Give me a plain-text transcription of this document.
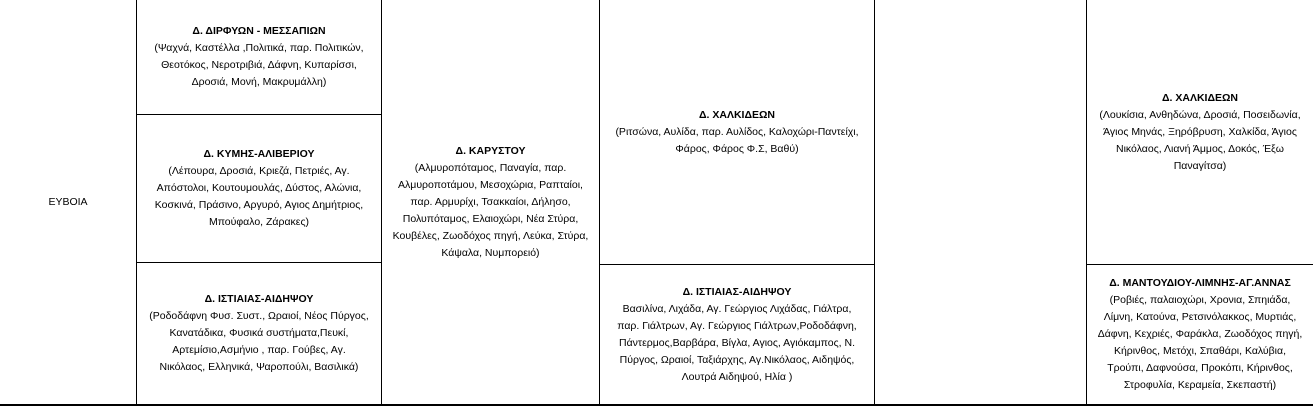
ΕΥΒΟΙΑ
Δ. ΔΙΡΦΥΩΝ - ΜΕΣΣΑΠΙΩΝ
(Ψαχνά, Καστέλλα ,Πολιτικά, παρ. Πολιτικών,
Θεοτόκος, Νεροτριβιά, Δάφνη, Κυπαρίσσι,
Δροσιά, Μονή, Μακρυμάλλη)
Δ. ΚΥΜΗΣ-ΑΛΙΒΕΡΙΟΥ
(Λέπουρα, Δροσιά, Κριεζά, Πετριές, Αγ.
Απόστολοι, Κουτουμουλάς, Δύστος, Αλώνια,
Κοσκινά, Πράσινο, Αργυρό, Αγιος Δημήτριος,
Μπούφαλο, Ζάρακες)
Δ. ΙΣΤΙΑΙΑΣ-ΑΙΔΗΨΟΥ
(Ροδοδάφνη Φυσ. Συστ., Ωραιοί, Νέος Πύργος,
Κανατάδικα, Φυσικά συστήματα,Πευκί,
Αρτεμίσιο,Ασμήνιο , παρ. Γούβες, Αγ.
Νικόλαος, Ελληνικά, Ψαροπούλι, Βασιλικά)
Δ. ΚΑΡΥΣΤΟΥ
(Αλμυροπόταμος, Παναγία, παρ.
Αλμυροποτάμου, Μεσοχώρια, Ραπταίοι,
παρ. Αρμυρίχι, Τσακκαίοι, Δήλησο,
Πολυπόταμος, Ελαιοχώρι, Νέα Στύρα,
Κουβέλες, Ζωοδόχος πηγή, Λεύκα, Στύρα,
Κάψαλα, Νυμπορειό)
Δ. ΧΑΛΚΙΔΕΩΝ
(Ριτσώνα, Αυλίδα, παρ. Αυλίδος, Καλοχώρι-Παντείχι,
Φάρος, Φάρος Φ.Σ, Βαθύ)
Δ. ΙΣΤΙΑΙΑΣ-ΑΙΔΗΨΟΥ
Βασιλίνα, Λιχάδα, Αγ. Γεώργιος Λιχάδας, Γιάλτρα,
παρ. Γιάλτρων, Αγ. Γεώργιος Γιάλτρων,Ροδοδάφνη,
Πάντερμος,Βαρβάρα, Βίγλα, Αγιος, Αγιόκαμπος, Ν.
Πύργος, Ωραιοί, Ταξιάρχης, Αγ.Νικόλαος, Αιδηψός,
Λουτρά Αιδηψού, Ηλία )
Δ. ΧΑΛΚΙΔΕΩΝ
(Λουκίσια, Ανθηδώνα, Δροσιά, Ποσειδωνία,
Άγιος Μηνάς, Ξηρόβρυση, Χαλκίδα, Άγιος
Νικόλαος, Λιανή Άμμος, Δοκός, Έξω
Παναγίτσα)
Δ. ΜΑΝΤΟΥΔΙΟΥ-ΛΙΜΝΗΣ-ΑΓ.ΑΝΝΑΣ
(Ροβιές, παλαιοχώρι, Χρονια, Σπηιάδα,
Λίμνη, Κατούνα, Ρετσινόλακκος, Μυρτιάς,
Δάφνη, Κεχριές, Φαράκλα, Ζωοδόχος πηγή,
Κήρινθος, Μετόχι, Σπαθάρι, Καλύβια,
Τρούπι, Δαφνούσα, Προκόπι, Κήρινθος,
Στροφυλία, Κεραμεία, Σκεπαστή)
